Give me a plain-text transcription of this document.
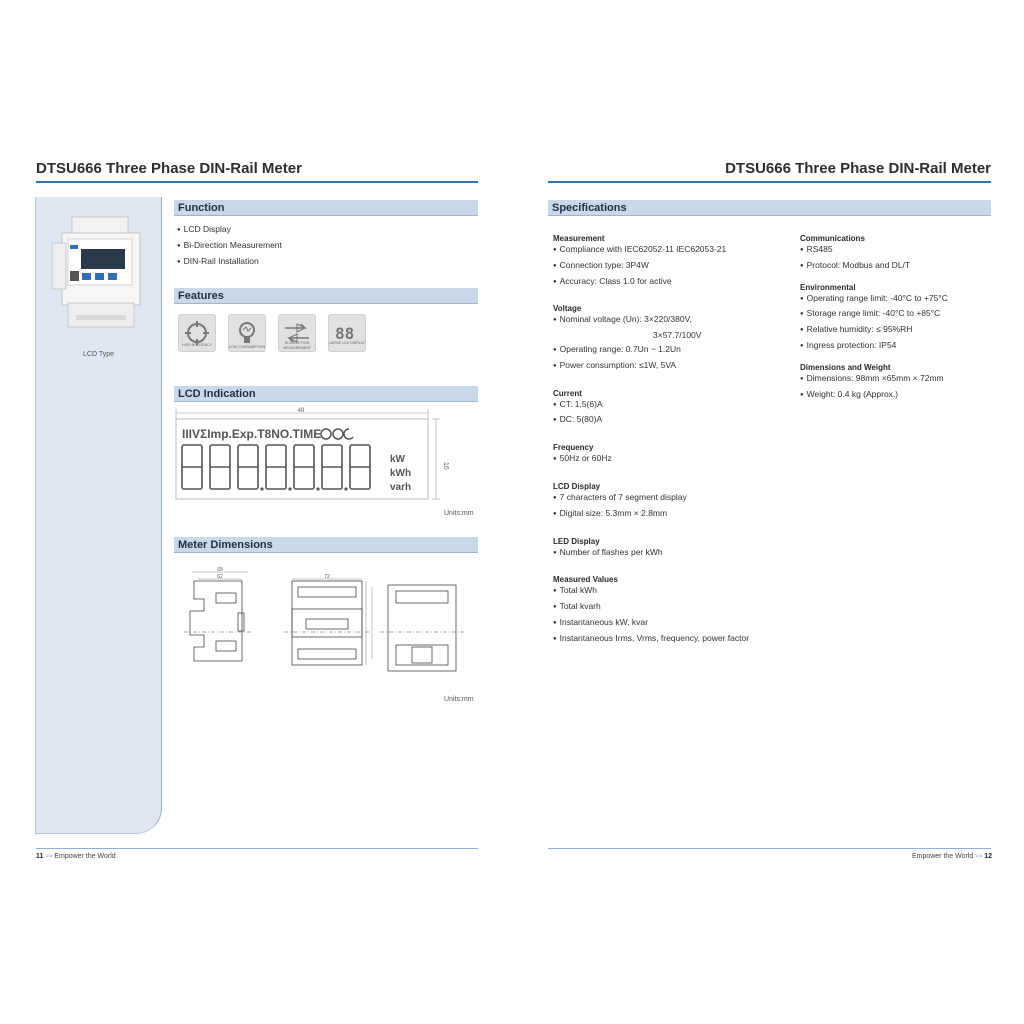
DTSU666 Three Phase DIN-Rail Meter
LCD Type
Function
● LCD Display
● Bi-Direction Measurement
● DIN-Rail Installation
Features
88
HIGH ACCURACY	LOW CONSUMPTION
BI-DIRECTION MEASUREMENT
LARGE LCD DISPLAY
LCD Indication
48
16
IIIVΣImp.Exp.T8NO.TIME
kW
kWh
varh
Units:mm
Meter Dimensions
65
62	72
Units:mm
11 >> Empower the World
DTSU666 Three Phase DIN-Rail Meter
Specifications
Measurement
● Compliance with IEC62052-11 IEC62053-21
● Connection type: 3P4W
● Accuracy: Class 1.0 for active
Voltage
● Nominal voltage (Un): 3×220/380V,
3×57.7/100V
● Operating range: 0.7Un ~ 1.2Un
● Power consumption: ≤1W, 5VA
Current
● CT: 1.5(6)A
● DC: 5(80)A
Frequency
● 50Hz or 60Hz
LCD Display
● 7 characters of 7 segment display
● Digital size: 5.3mm × 2.8mm
LED Display
● Number of flashes per kWh
Measured Values
● Total kWh
● Total kvarh
● Instantaneous kW, kvar
● Instantaneous Irms, Vrms, frequency, power factor
Communications
● RS485
● Protocol: Modbus and DL/T
Environmental
● Operating range limit: -40°C to +75°C
● Storage range limit: -40°C to +85°C
● Relative humidity: ≤ 95%RH
● Ingress protection: IP54
Dimensions and Weight
● Dimensions: 98mm ×65mm × 72mm
● Weight: 0.4 kg (Approx.)
Empower the World >> 12
